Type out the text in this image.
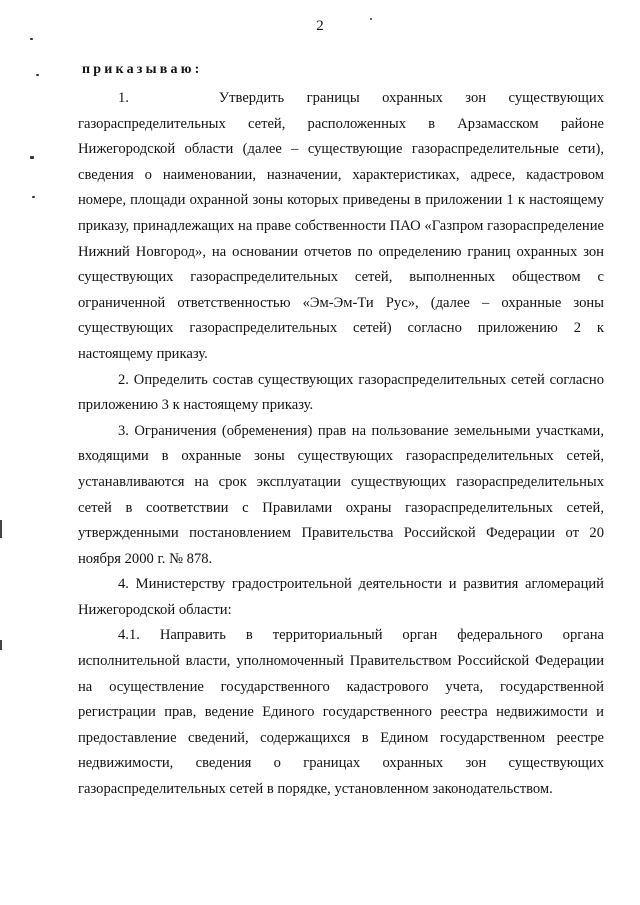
2
приказываю:

1.    Утвердить границы охранных зон существующих газораспределительных сетей, расположенных в Арзамасском районе Нижегородской области (далее – существующие газораспределительные сети), сведения о наименовании, назначении, характеристиках, адресе, кадастровом номере, площади охранной зоны которых приведены в приложении 1 к настоящему приказу, принадлежащих на праве собственности ПАО «Газпром газораспределение Нижний Новгород», на основании отчетов по определению границ охранных зон существующих газораспределительных сетей, выполненных обществом с ограниченной ответственностью «Эм-Эм-Ти Рус», (далее – охранные зоны существующих газораспределительных сетей) согласно приложению 2 к настоящему приказу.

2. Определить состав существующих газораспределительных сетей согласно приложению 3 к настоящему приказу.

3. Ограничения (обременения) прав на пользование земельными участками, входящими в охранные зоны существующих газораспределительных сетей, устанавливаются на срок эксплуатации существующих газораспределительных сетей в соответствии с Правилами охраны газораспределительных сетей, утвержденными постановлением Правительства Российской Федерации от 20 ноября 2000 г. № 878.

4. Министерству градостроительной деятельности и развития агломераций Нижегородской области:

4.1. Направить в территориальный орган федерального органа исполнительной власти, уполномоченный Правительством Российской Федерации на осуществление государственного кадастрового учета, государственной регистрации прав, ведение Единого государственного реестра недвижимости и предоставление сведений, содержащихся в Едином государственном реестре недвижимости, сведения о границах охранных зон существующих газораспределительных сетей в порядке, установленном законодательством.
